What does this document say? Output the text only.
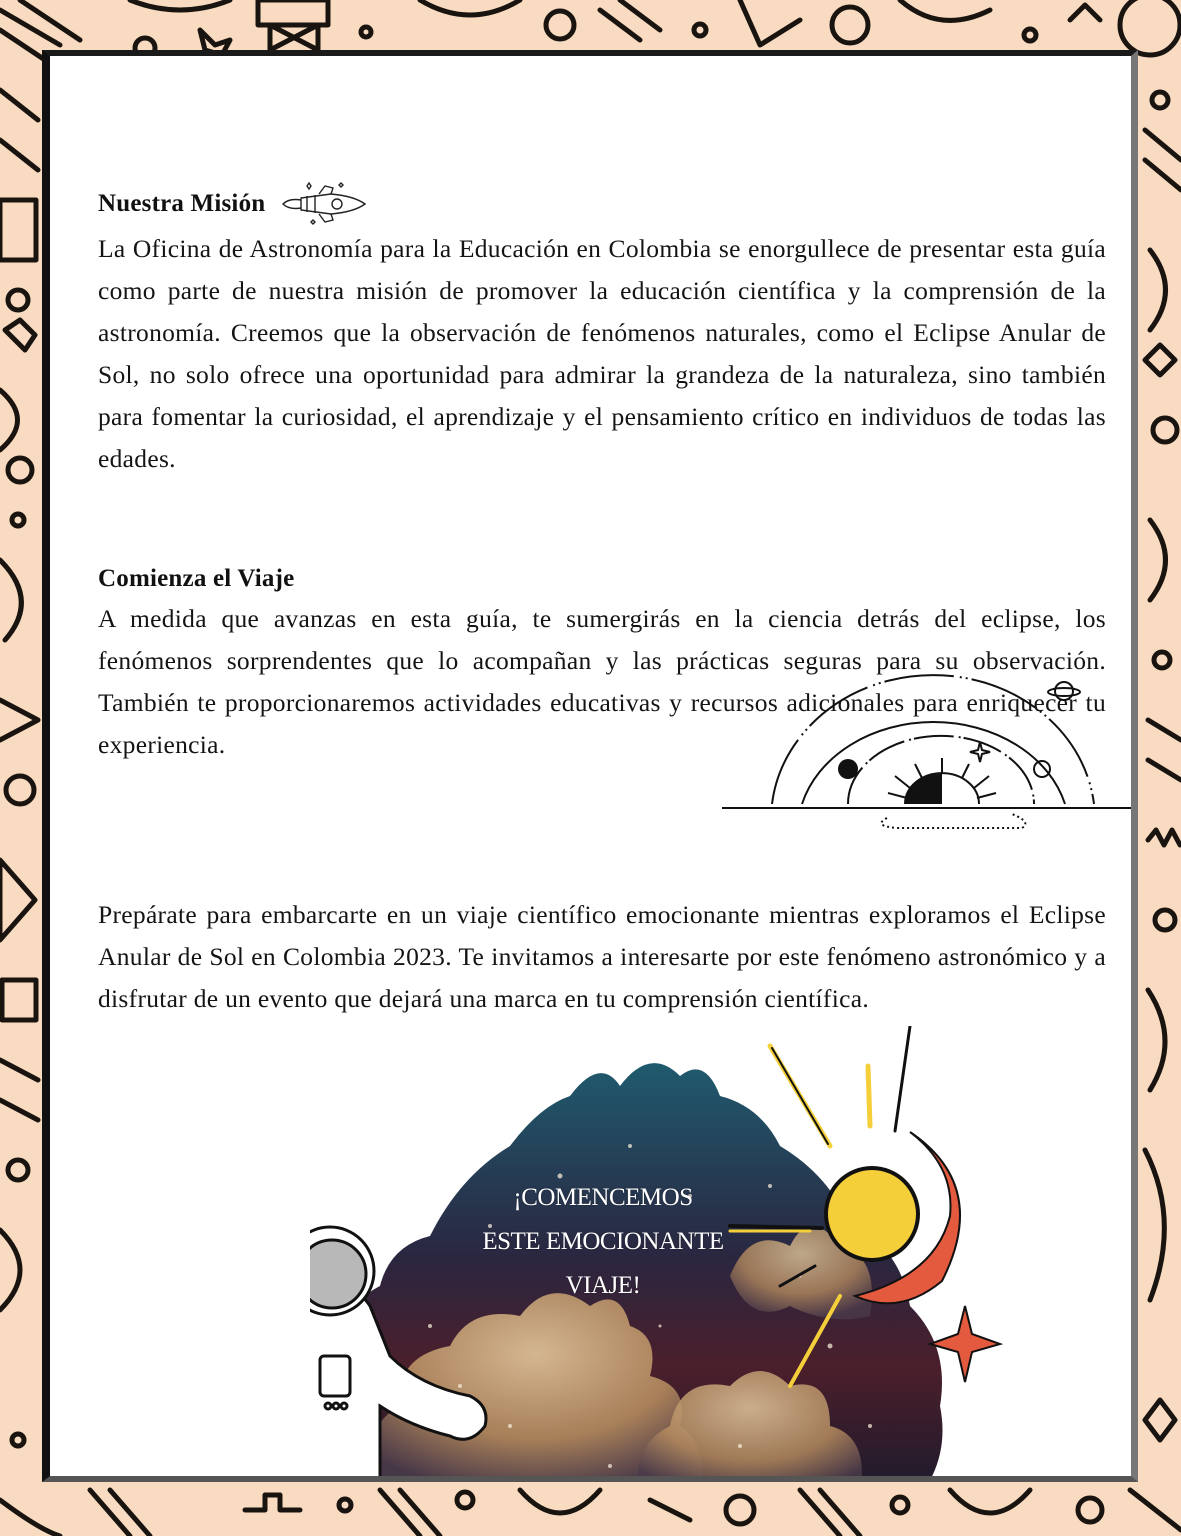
Nuestra Misión

La Oficina de Astronomía para la Educación en Colombia se enorgullece de presentar esta guía como parte de nuestra misión de promover la educación científica y la comprensión de la astronomía. Creemos que la observación de fenómenos naturales, como el Eclipse Anular de Sol, no solo ofrece una oportunidad para admirar la grandeza de la naturaleza, sino también para fomentar la curiosidad, el aprendizaje y el pensamiento crítico en individuos de todas las edades.

Comienza el Viaje

A medida que avanzas en esta guía, te sumergirás en la ciencia detrás del eclipse, los fenómenos sorprendentes que lo acompañan y las prácticas seguras para su observación. También te proporcionaremos actividades educativas y recursos adicionales para enriquecer tu experiencia.

Prepárate para embarcarte en un viaje científico emocionante mientras exploramos el Eclipse Anular de Sol en Colombia 2023. Te invitamos a interesarte por este fenómeno astronómico y a disfrutar de un evento que dejará una marca en tu comprensión científica.

¡COMENCEMOS
ESTE EMOCIONANTE
VIAJE!
